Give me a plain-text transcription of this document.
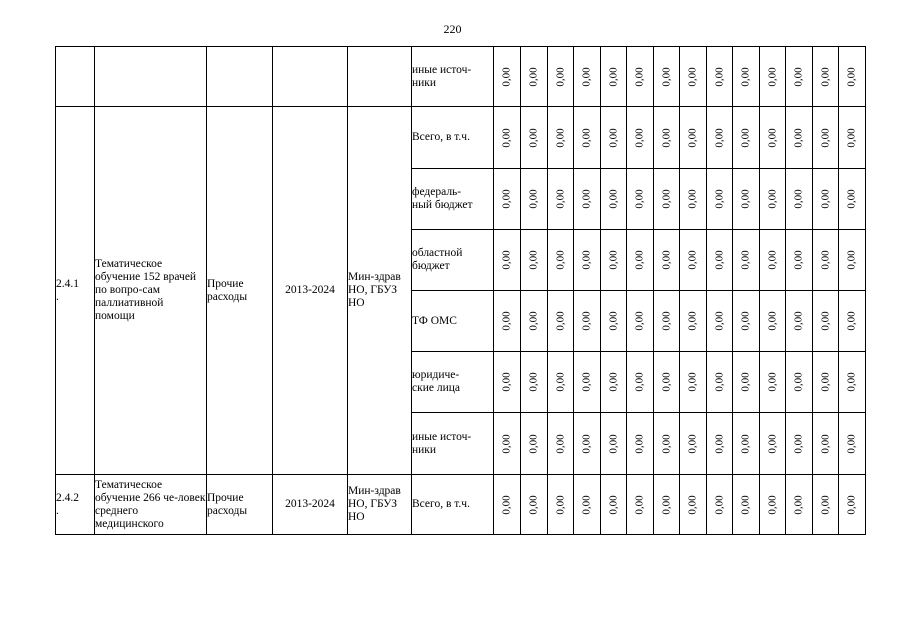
220
					иные источ-
ники	0,00	0,00	0,00	0,00	0,00	0,00	0,00	0,00	0,00	0,00	0,00	0,00	0,00	0,00

2.4.1
.	Тематическое обучение 152 врачей по вопро-сам паллиативной помощи	Прочие расходы	2013-2024	Мин-здрав НО, ГБУЗ НО	Всего, в т.ч.	0,00	0,00	0,00	0,00	0,00	0,00	0,00	0,00	0,00	0,00	0,00	0,00	0,00	0,00

					федераль-
ный бюджет	0,00	0,00	0,00	0,00	0,00	0,00	0,00	0,00	0,00	0,00	0,00	0,00	0,00	0,00

					областной
бюджет	0,00	0,00	0,00	0,00	0,00	0,00	0,00	0,00	0,00	0,00	0,00	0,00	0,00	0,00

					ТФ ОМС	0,00	0,00	0,00	0,00	0,00	0,00	0,00	0,00	0,00	0,00	0,00	0,00	0,00	0,00

					юридиче-
ские лица	0,00	0,00	0,00	0,00	0,00	0,00	0,00	0,00	0,00	0,00	0,00	0,00	0,00	0,00

					иные источ-
ники	0,00	0,00	0,00	0,00	0,00	0,00	0,00	0,00	0,00	0,00	0,00	0,00	0,00	0,00

2.4.2
.	Тематическое обучение 266 че-ловек среднего медицинского	Прочие расходы	2013-2024	Мин-здрав НО, ГБУЗ НО	Всего, в т.ч.	0,00	0,00	0,00	0,00	0,00	0,00	0,00	0,00	0,00	0,00	0,00	0,00	0,00	0,00
